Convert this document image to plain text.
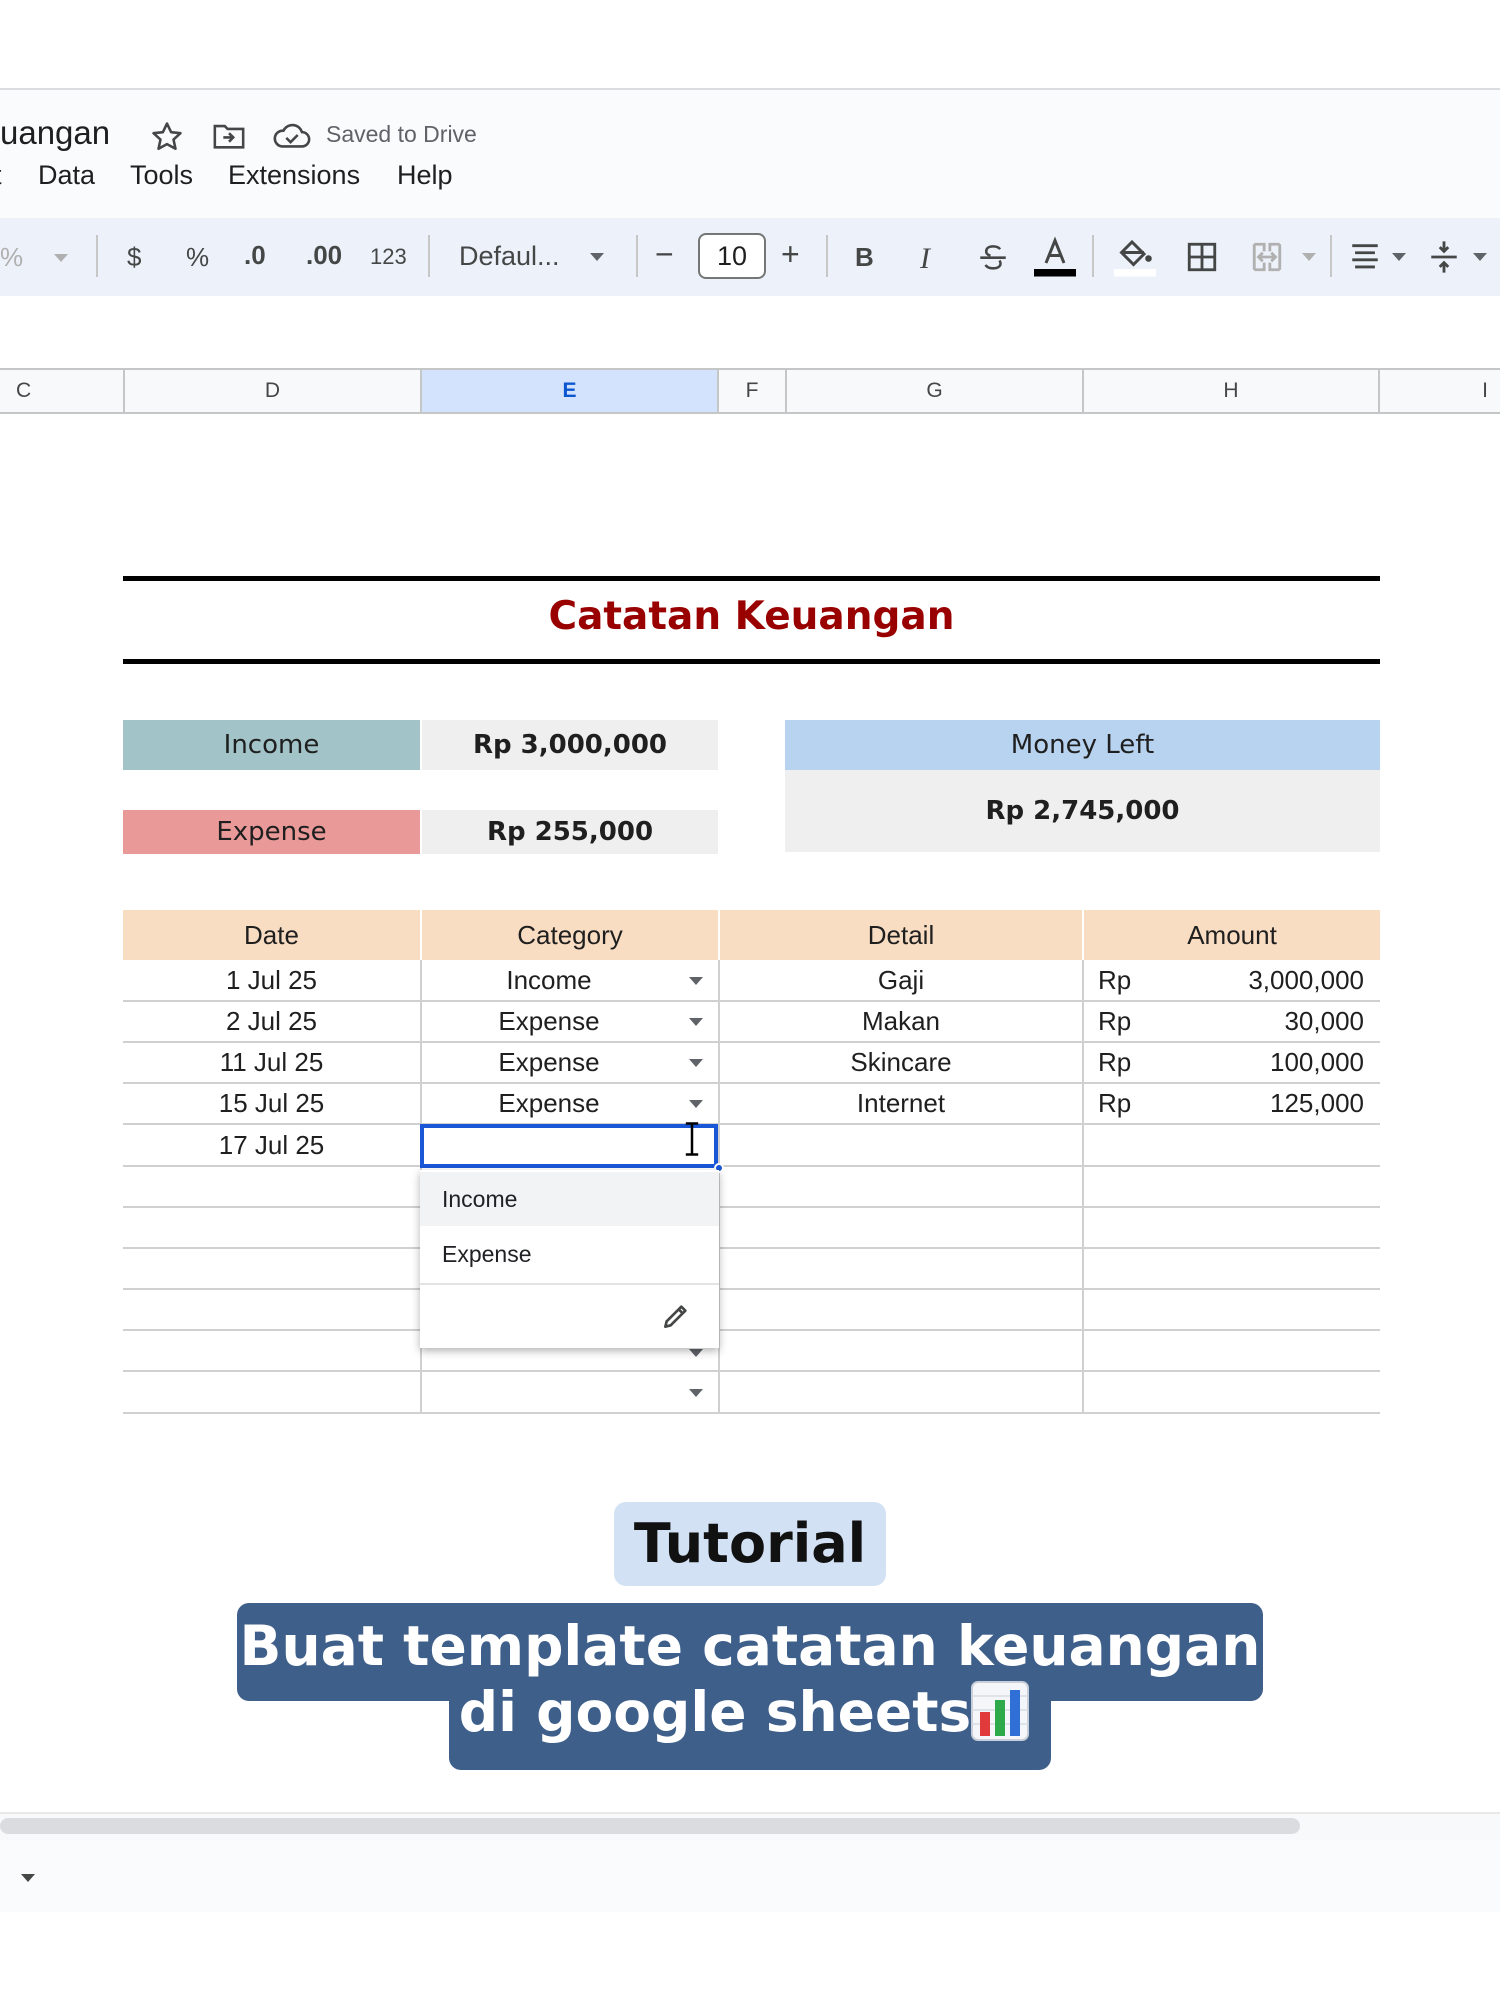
uangan	Saved to Drive
Data Tools Extensions Help
%	$ % .0 .00 123 Defaul...	−	10	+ B I
C	D	E	F	G	H	I
Catatan Keuangan
Income	Rp 3,000,000
Expense	Rp 255,000
Money Left
Rp 2,745,000
Date	Category	Detail	Amount
1 Jul 25	Income	Gaji	Rp	3,000,000
2 Jul 25	Expense	Makan	Rp	30,000
11 Jul 25	Expense	Skincare	Rp	100,000
15 Jul 25	Expense	Internet	Rp	125,000
17 Jul 25
Income
Expense
Tutorial
Buat template catatan keuangan
di google sheets
